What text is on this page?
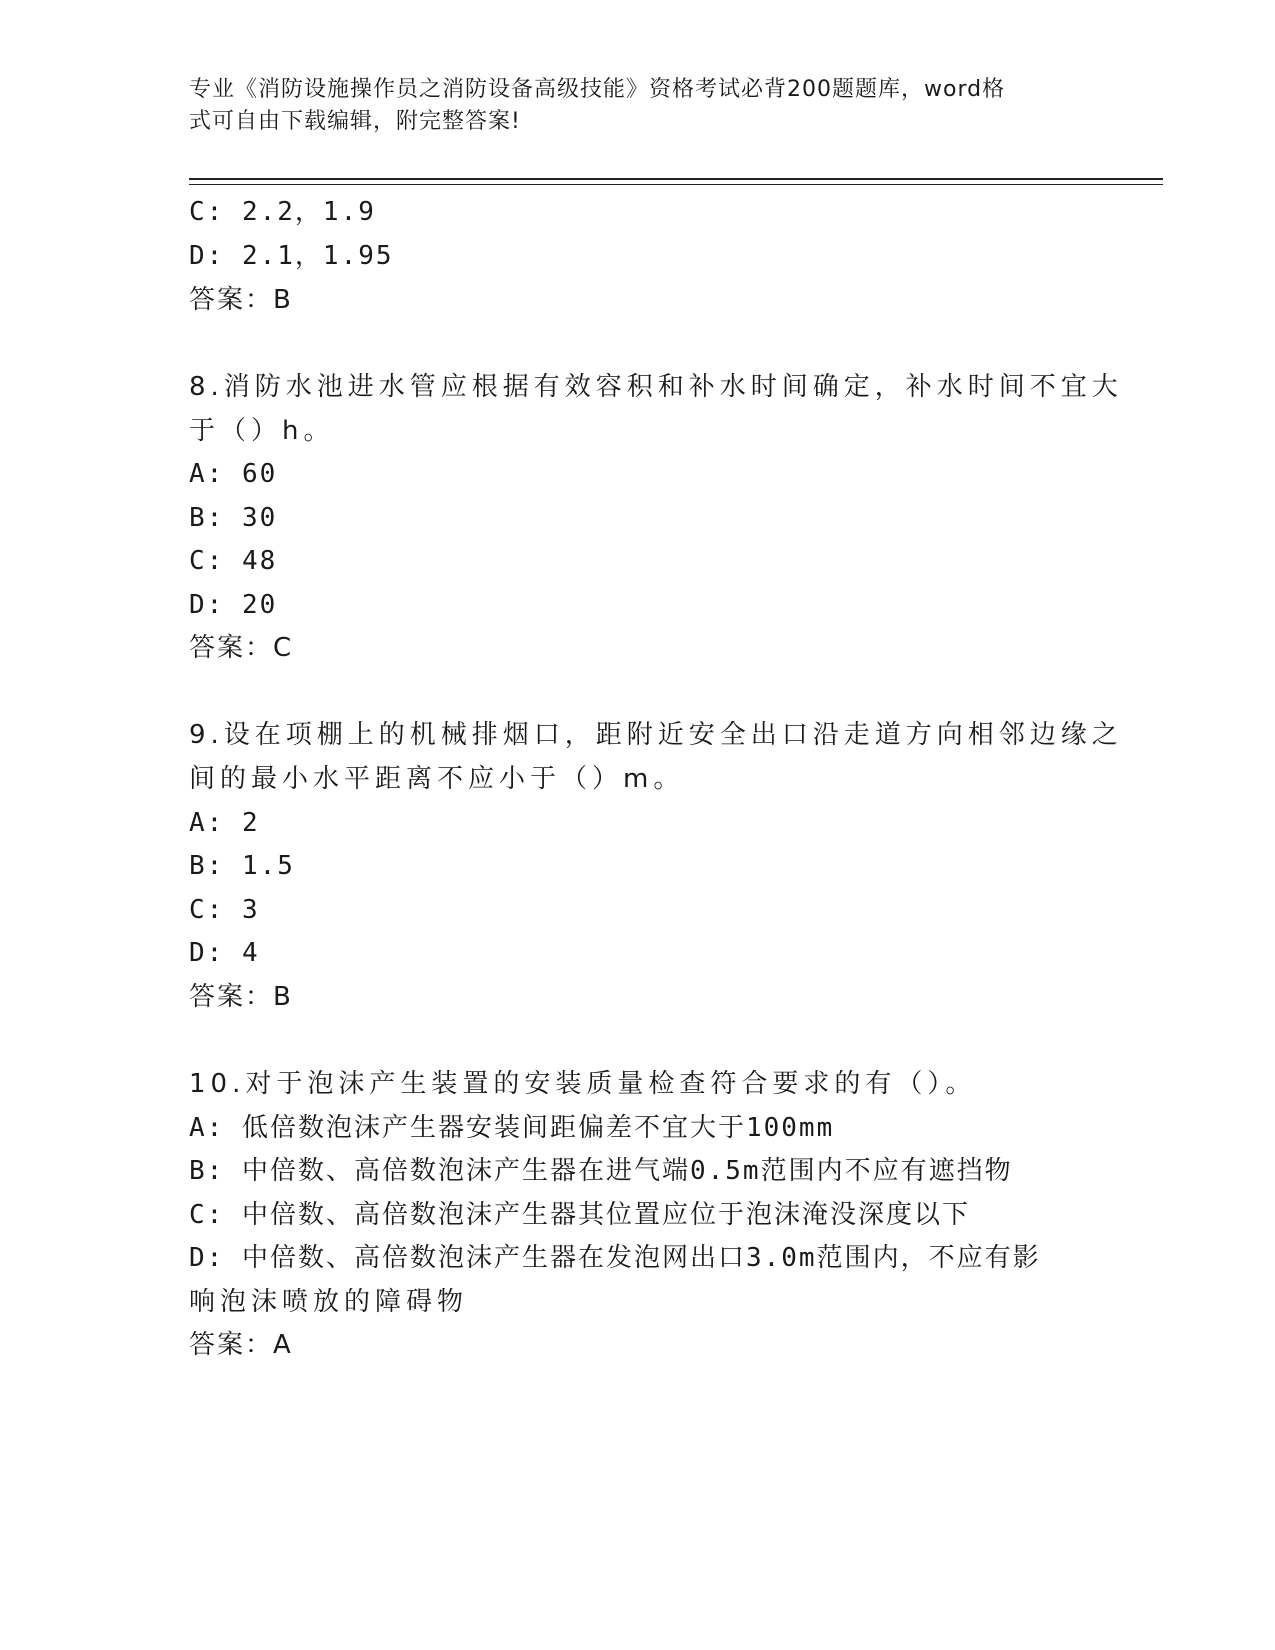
专业《消防设施操作员之消防设备高级技能》资格考试必背200题题库，word格
式可自由下载编辑，附完整答案!
C: 2.2，1.9
D: 2.1，1.95
答案：B
8.消防水池进水管应根据有效容积和补水时间确定，补水时间不宜大
于（）h。
A: 60
B: 30
C: 48
D: 20
答案：C
9.设在项棚上的机械排烟口，距附近安全出口沿走道方向相邻边缘之
间的最小水平距离不应小于（）m。
A: 2
B: 1.5
C: 3
D: 4
答案：B
10.对于泡沫产生装置的安装质量检查符合要求的有（）。
A: 低倍数泡沫产生器安装间距偏差不宜大于100mm
B: 中倍数、高倍数泡沫产生器在进气端0.5m范围内不应有遮挡物
C: 中倍数、高倍数泡沫产生器其位置应位于泡沫淹没深度以下
D: 中倍数、高倍数泡沫产生器在发泡网出口3.0m范围内，不应有影
响泡沫喷放的障碍物
答案：A
